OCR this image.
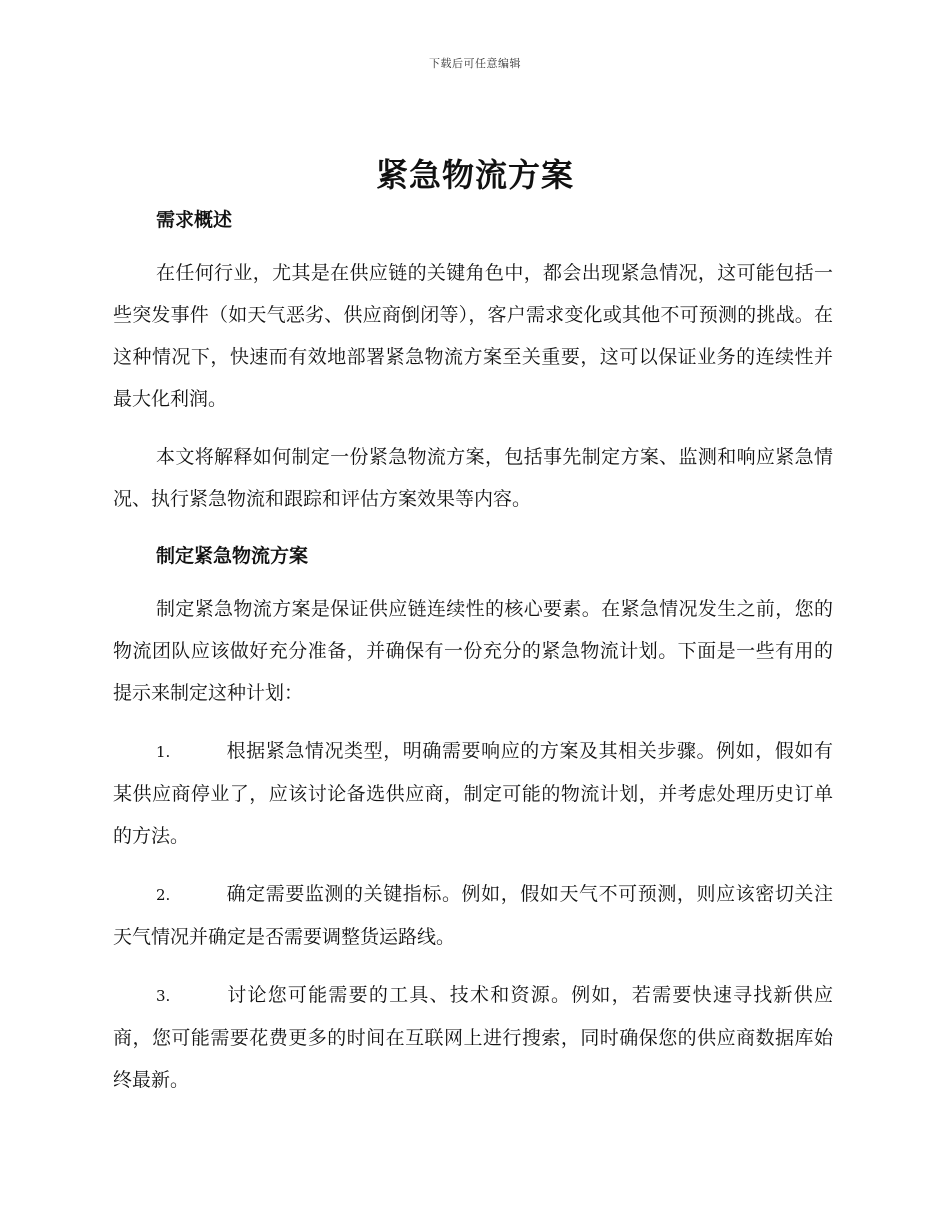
下载后可任意编辑
紧急物流方案
需求概述

在任何行业，尤其是在供应链的关键角色中，都会出现紧急情况，这可能包括一些突发事件（如天气恶劣、供应商倒闭等），客户需求变化或其他不可预测的挑战。在这种情况下，快速而有效地部署紧急物流方案至关重要，这可以保证业务的连续性并最大化利润。

本文将解释如何制定一份紧急物流方案，包括事先制定方案、监测和响应紧急情况、执行紧急物流和跟踪和评估方案效果等内容。

制定紧急物流方案

制定紧急物流方案是保证供应链连续性的核心要素。在紧急情况发生之前，您的物流团队应该做好充分准备，并确保有一份充分的紧急物流计划。下面是一些有用的提示来制定这种计划：

1.	根据紧急情况类型，明确需要响应的方案及其相关步骤。例如，假如有某供应商停业了，应该讨论备选供应商，制定可能的物流计划，并考虑处理历史订单的方法。

2.	确定需要监测的关键指标。例如，假如天气不可预测，则应该密切关注天气情况并确定是否需要调整货运路线。

3.	讨论您可能需要的工具、技术和资源。例如，若需要快速寻找新供应商，您可能需要花费更多的时间在互联网上进行搜索，同时确保您的供应商数据库始终最新。
